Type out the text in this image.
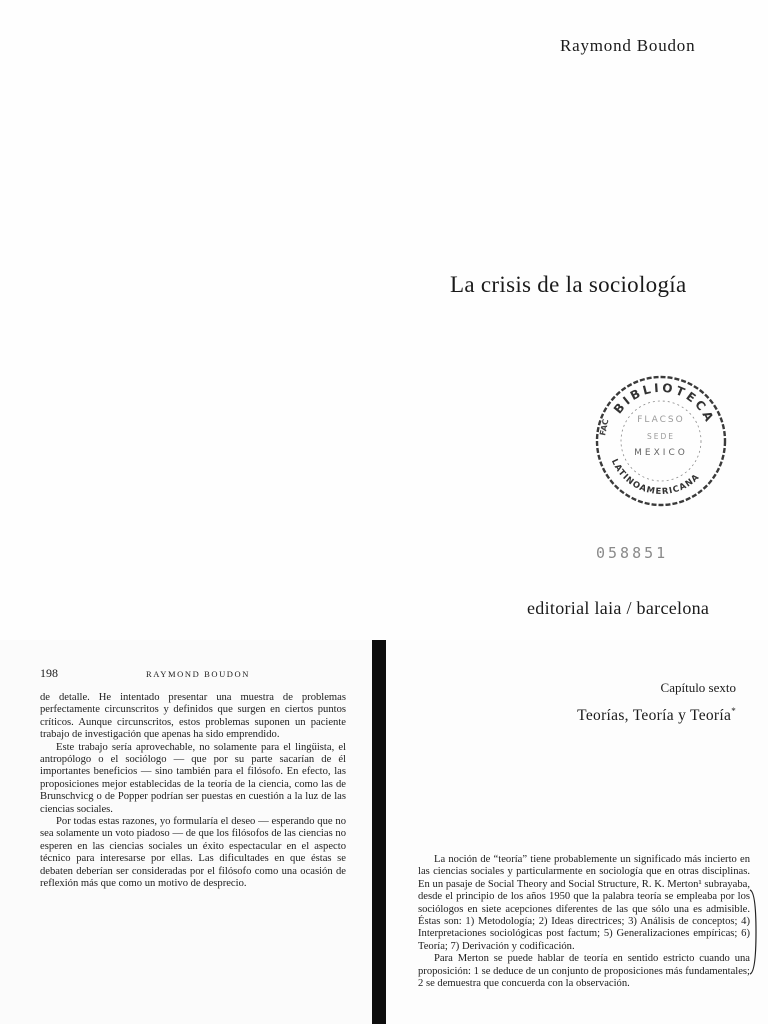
Raymond Boudon
La crisis de la sociología
BIBLIOTECA
LATINOAMERICANA
FAC	FLACSO
SEDE
MEXICO
058851
editorial laia / barcelona
198	RAYMOND BOUDON

de detalle. He intentado presentar una muestra de problemas perfectamente circunscritos y definidos que surgen en ciertos puntos críticos. Aunque circunscritos, estos problemas suponen un paciente trabajo de investigación que apenas ha sido emprendido.

Este trabajo sería aprovechable, no solamente para el lingüista, el antropólogo o el sociólogo — que por su parte sacarían de él importantes beneficios — sino también para el filósofo. En efecto, las proposiciones mejor establecidas de la teoría de la ciencia, como las de Brunschvicg o de Popper podrían ser puestas en cuestión a la luz de las ciencias sociales.

Por todas estas razones, yo formularía el deseo — esperando que no sea solamente un voto piadoso — de que los filósofos de las ciencias no esperen en las ciencias sociales un éxito espectacular en el aspecto técnico para interesarse por ellas. Las dificultades en que éstas se debaten deberían ser consideradas por el filósofo como una ocasión de reflexión más que como un motivo de desprecio.

Capítulo sexto
Teorías, Teoría y Teoría*

La noción de “teoría” tiene probablemente un significado más incierto en las ciencias sociales y particularmente en sociología que en otras disciplinas. En un pasaje de Social Theory and Social Structure, R. K. Merton¹ subrayaba, desde el principio de los años 1950 que la palabra teoría se empleaba por los sociólogos en siete acepciones diferentes de las que sólo una es admisible. Éstas son: 1) Metodología; 2) Ideas directrices; 3) Análisis de conceptos; 4) Interpretaciones sociológicas post factum; 5) Generalizaciones empíricas; 6) Teoría; 7) Derivación y codificación.

Para Merton se puede hablar de teoría en sentido estricto cuando una proposición: 1 se deduce de un conjunto de proposiciones más fundamentales; 2 se demuestra que concuerda con la observación.
